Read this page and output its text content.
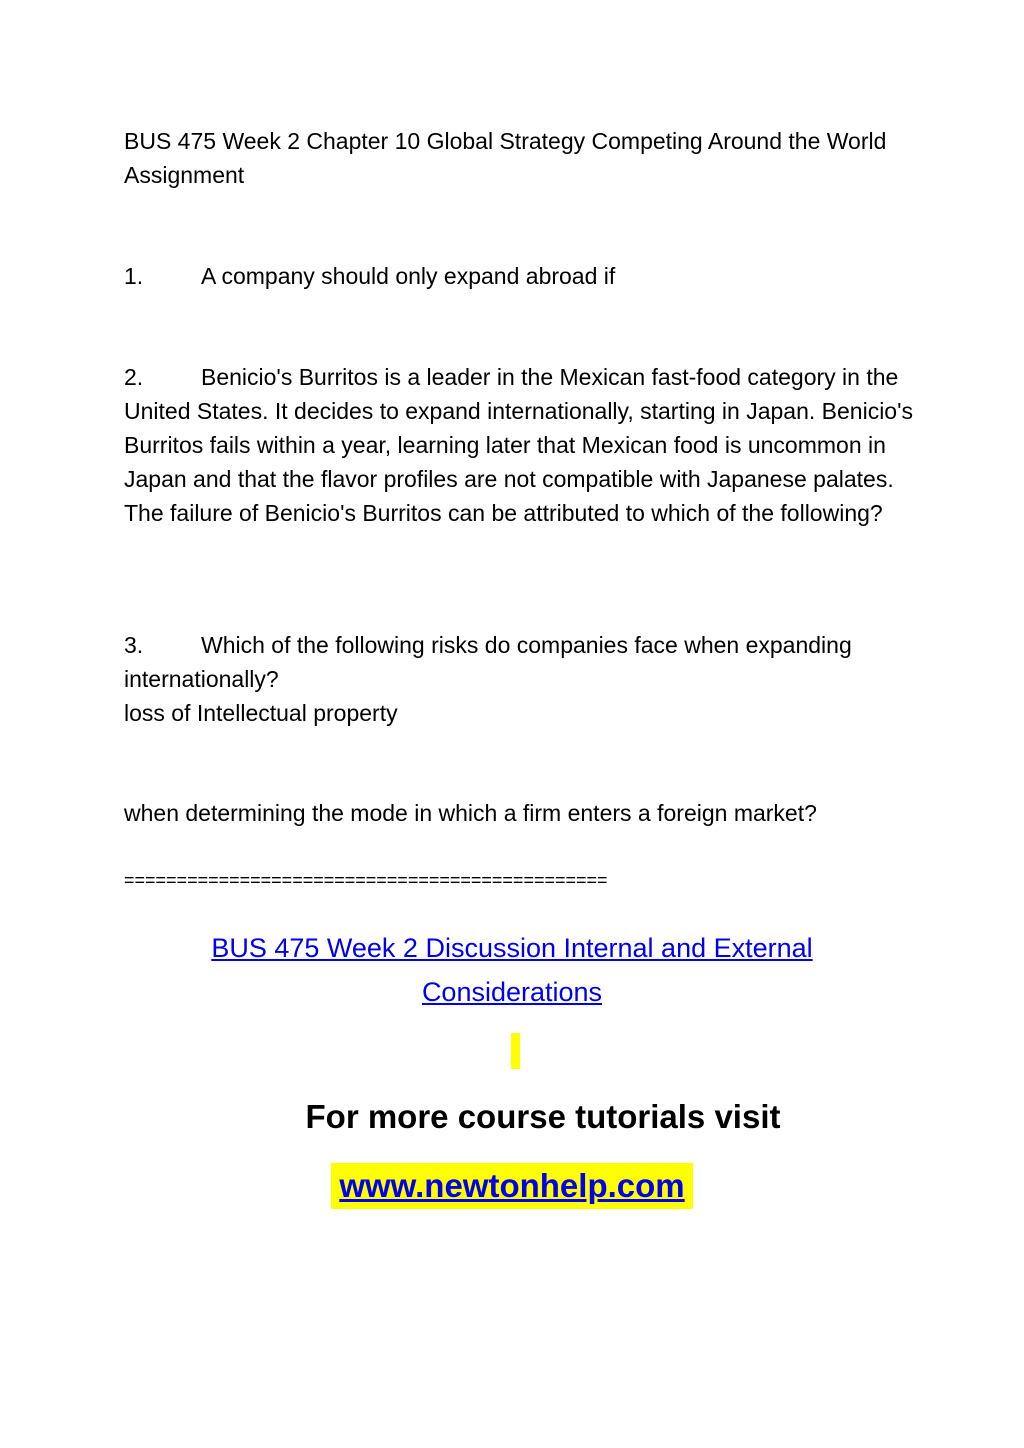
BUS 475 Week 2 Chapter 10 Global Strategy Competing Around the World Assignment

1.	A company should only expand abroad if

2.	Benicio's Burritos is a leader in the Mexican fast-food category in the United States. It decides to expand internationally, starting in Japan. Benicio's Burritos fails within a year, learning later that Mexican food is uncommon in Japan and that the flavor profiles are not compatible with Japanese palates. The failure of Benicio's Burritos can be attributed to which of the following?

3.	Which of the following risks do companies face when expanding internationally?
loss of Intellectual property

when determining the mode in which a firm enters a foreign market?

==============================================
BUS 475 Week 2 Discussion Internal and External Considerations
For more course tutorials visit
www.newtonhelp.com
